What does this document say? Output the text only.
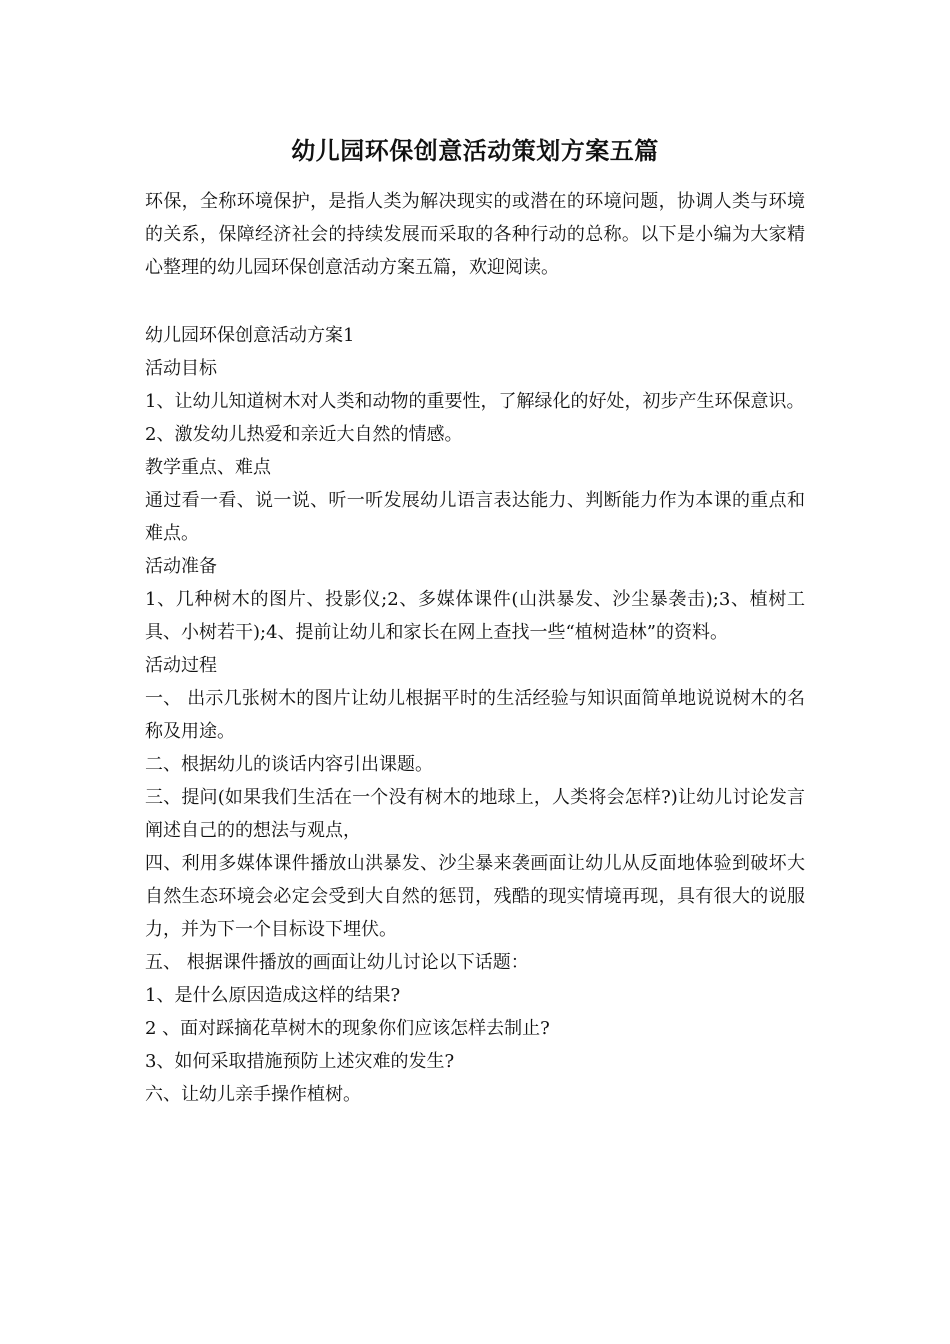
幼儿园环保创意活动策划方案五篇

环保，全称环境保护，是指人类为解决现实的或潜在的环境问题，协调人类与环境的关系，保障经济社会的持续发展而采取的各种行动的总称。以下是小编为大家精心整理的幼儿园环保创意活动方案五篇，欢迎阅读。

幼儿园环保创意活动方案1

活动目标

1、让幼儿知道树木对人类和动物的重要性，了解绿化的好处，初步产生环保意识。

2、激发幼儿热爱和亲近大自然的情感。

教学重点、难点

通过看一看、说一说、听一听发展幼儿语言表达能力、判断能力作为本课的重点和难点。

活动准备

1、几种树木的图片、投影仪;2、多媒体课件(山洪暴发、沙尘暴袭击);3、植树工具、小树若干);4、提前让幼儿和家长在网上查找一些“植树造林”的资料。

活动过程

一、 出示几张树木的图片让幼儿根据平时的生活经验与知识面简单地说说树木的名称及用途。

二、根据幼儿的谈话内容引出课题。

三、提问(如果我们生活在一个没有树木的地球上，人类将会怎样?)让幼儿讨论发言阐述自己的的想法与观点，

四、利用多媒体课件播放山洪暴发、沙尘暴来袭画面让幼儿从反面地体验到破坏大自然生态环境会必定会受到大自然的惩罚，残酷的现实情境再现，具有很大的说服力，并为下一个目标设下埋伏。

五、 根据课件播放的画面让幼儿讨论以下话题：

1、是什么原因造成这样的结果?

2 、面对踩摘花草树木的现象你们应该怎样去制止?

3、如何采取措施预防上述灾难的发生?

六、让幼儿亲手操作植树。
